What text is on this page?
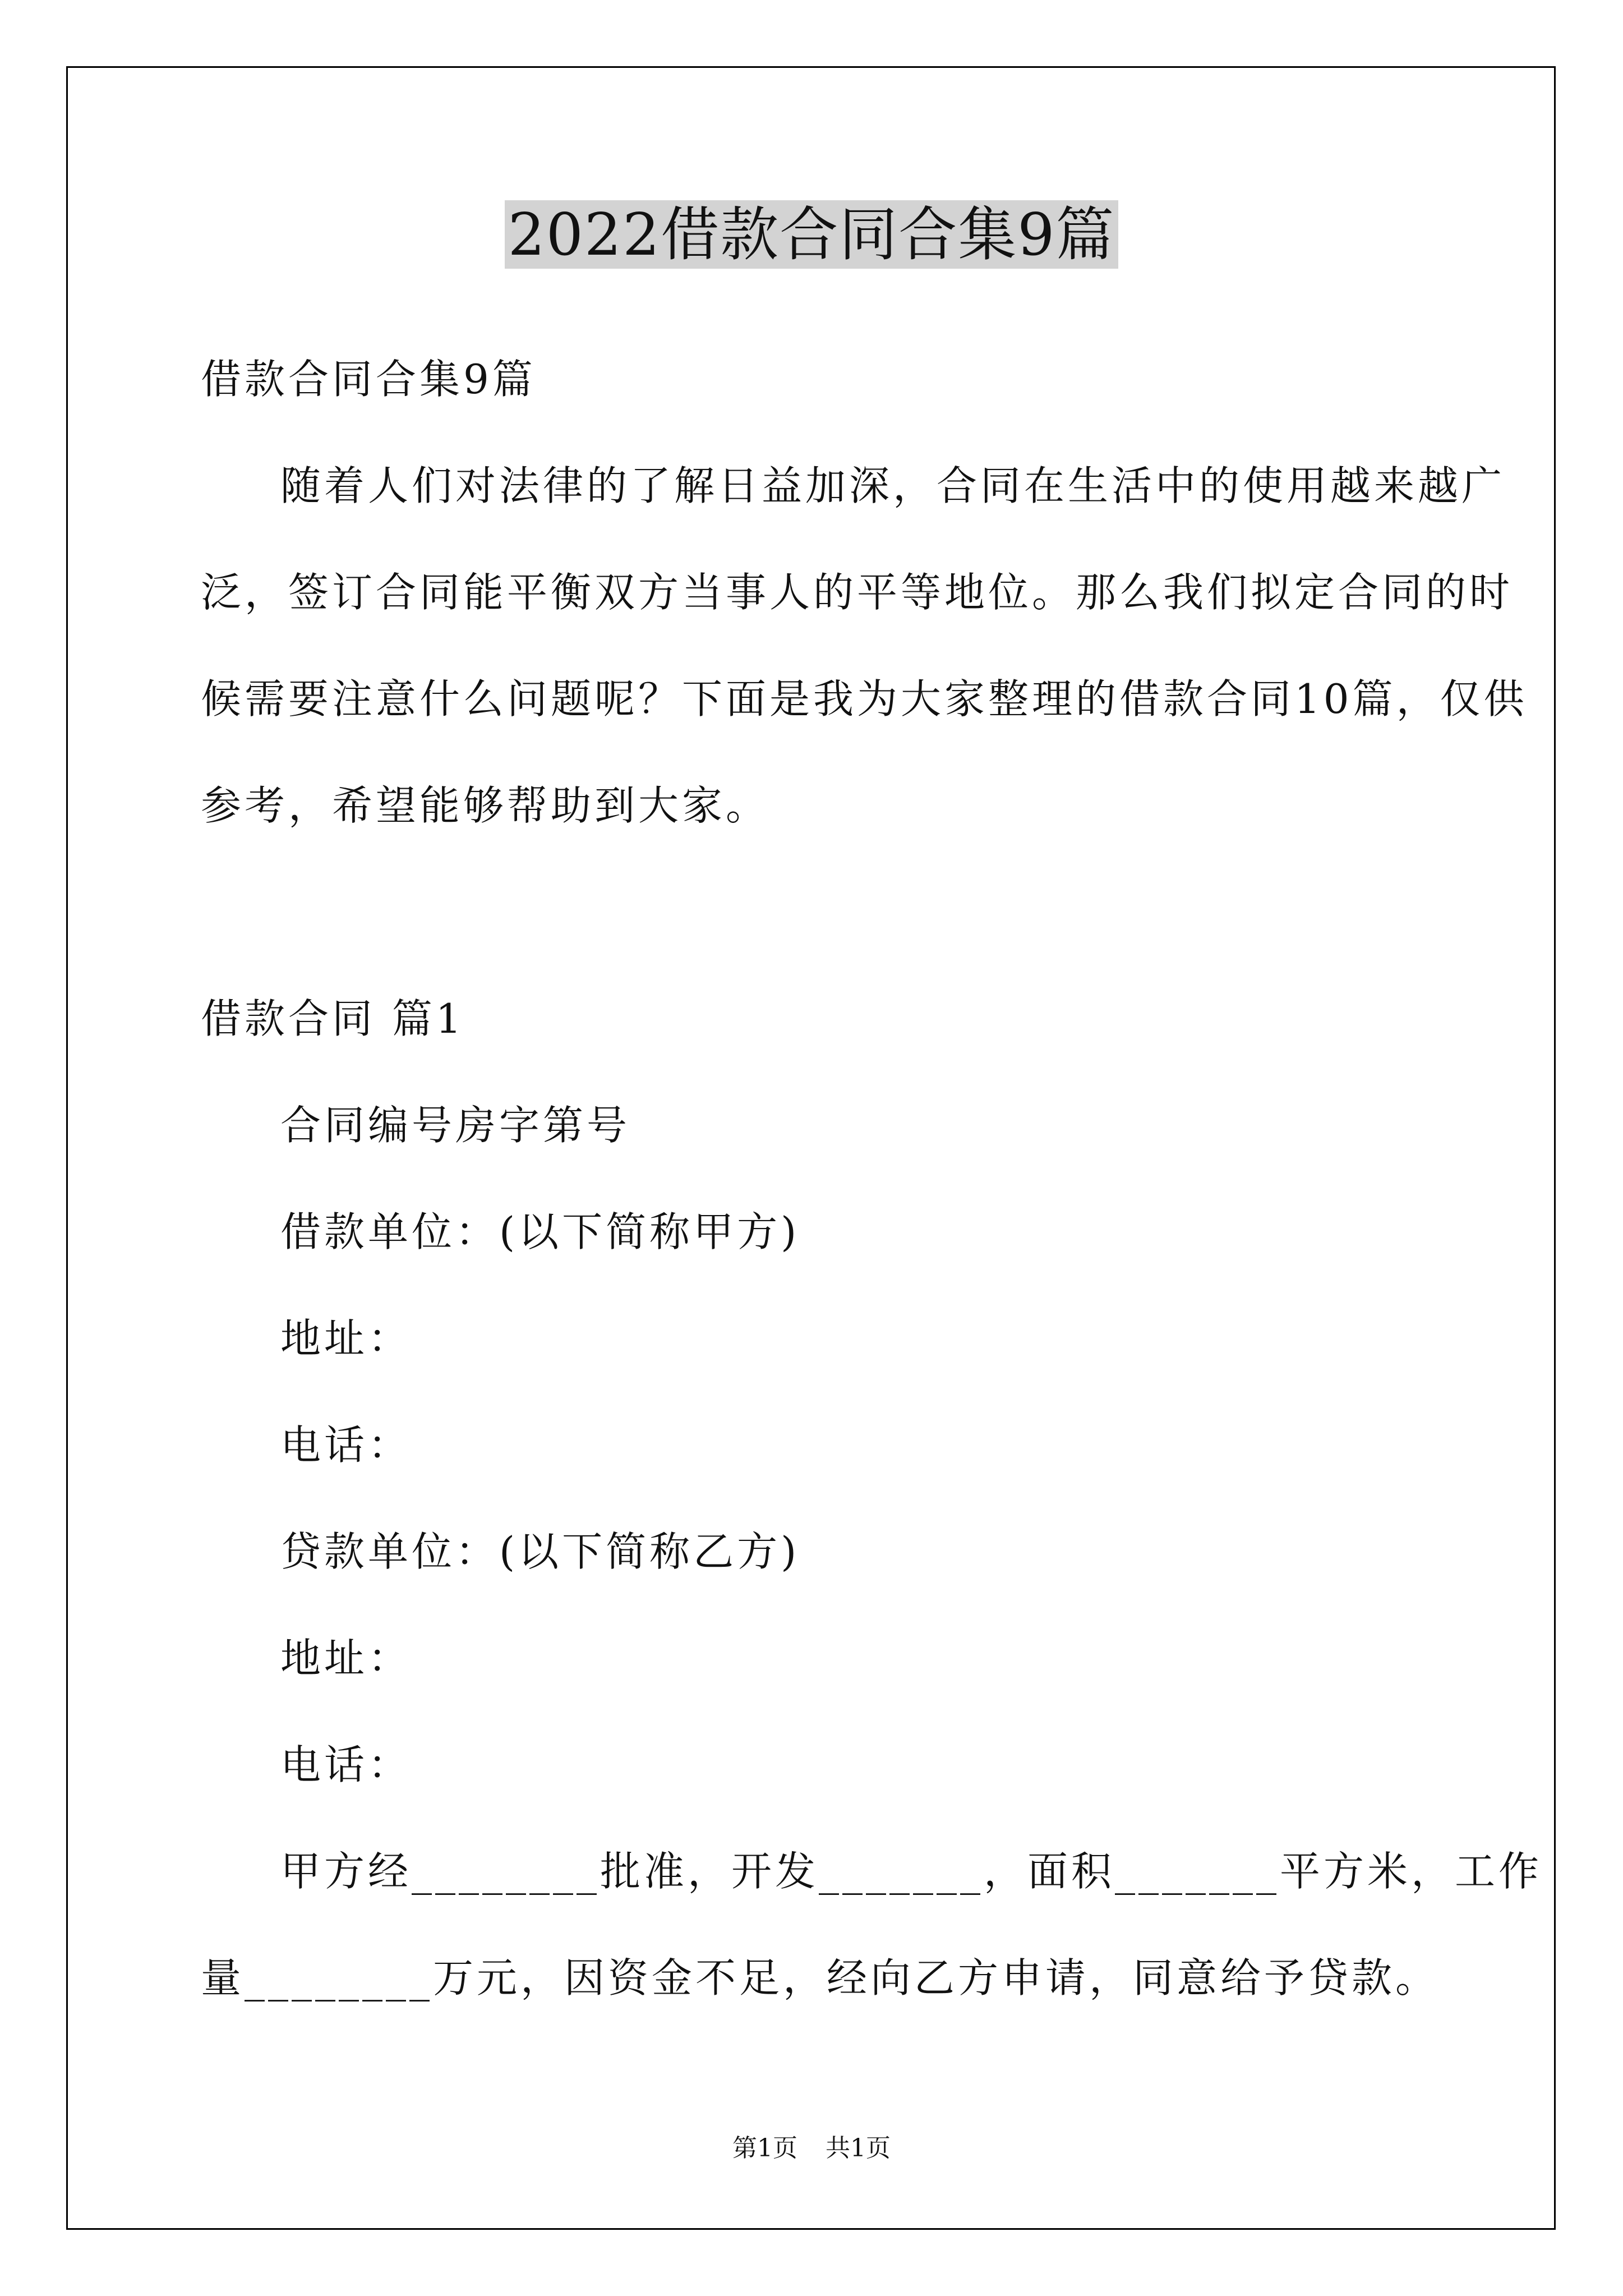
2022借款合同合集9篇
借款合同合集9篇
随着人们对法律的了解日益加深，合同在生活中的使用越来越广
泛，签订合同能平衡双方当事人的平等地位。那么我们拟定合同的时
候需要注意什么问题呢？下面是我为大家整理的借款合同10篇，仅供
参考，希望能够帮助到大家。
借款合同 篇1
合同编号房字第号
借款单位：(以下简称甲方)
地址：
电话：
贷款单位：(以下简称乙方)
地址：
电话：
甲方经________批准，开发_______，面积_______平方米，工作
量________万元，因资金不足，经向乙方申请，同意给予贷款。
第1页 共1页
